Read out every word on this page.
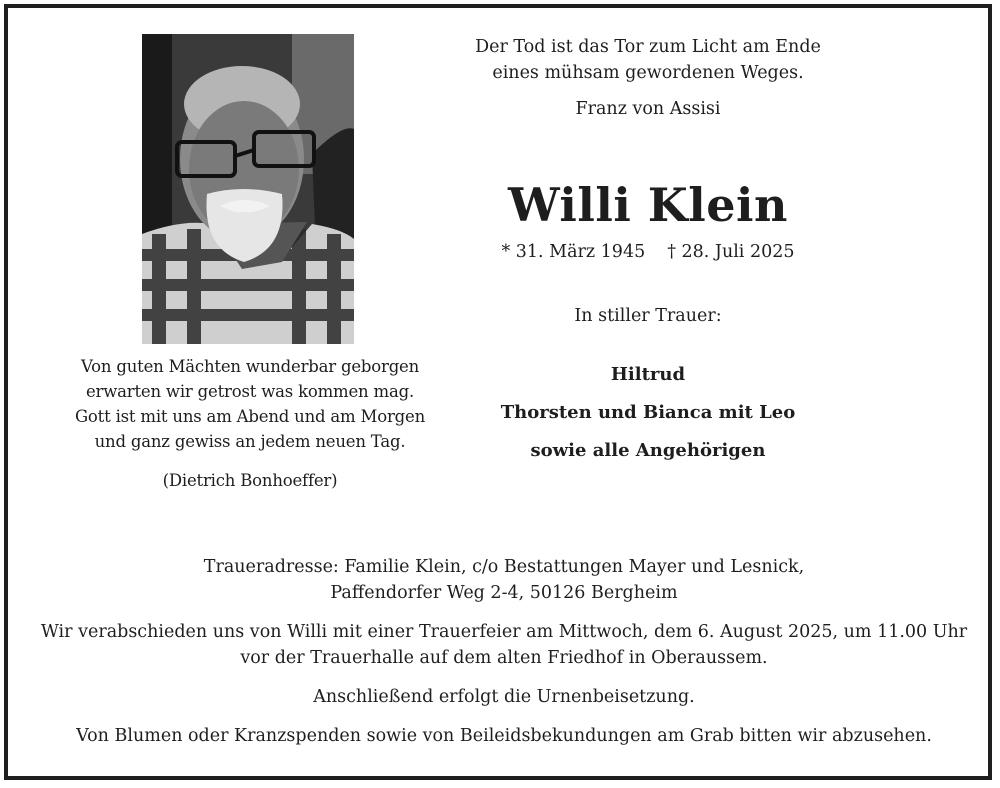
Der Tod ist das Tor zum Licht am Ende
eines mühsam gewordenen Weges.
Franz von Assisi
Willi Klein
* 31. März 1945 † 28. Juli 2025
In stiller Trauer:
Hiltrud
Thorsten und Bianca mit Leo
sowie alle Angehörigen
Von guten Mächten wunderbar geborgen
erwarten wir getrost was kommen mag.
Gott ist mit uns am Abend und am Morgen
und ganz gewiss an jedem neuen Tag.
(Dietrich Bonhoeffer)

Traueradresse: Familie Klein, c/o Bestattungen Mayer und Lesnick,

Paffendorfer Weg 2-4, 50126 Bergheim

Wir verabschieden uns von Willi mit einer Trauerfeier am Mittwoch, dem 6. August 2025, um 11.00 Uhr

vor der Trauerhalle auf dem alten Friedhof in Oberaussem.

Anschließend erfolgt die Urnenbeisetzung.

Von Blumen oder Kranzspenden sowie von Beileidsbekundungen am Grab bitten wir abzusehen.
